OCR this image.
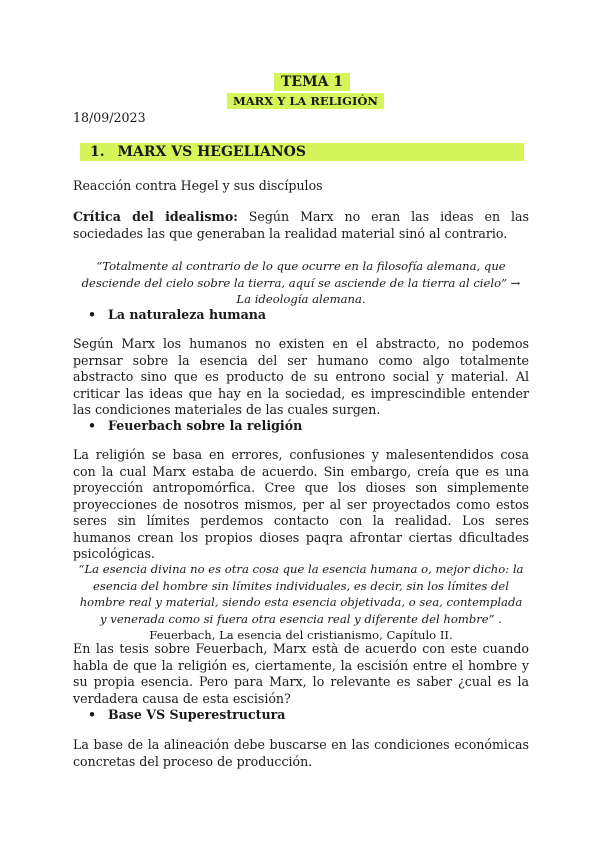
TEMA 1
MARX Y LA RELIGIÓN
18/09/2023
1. MARX VS HEGELIANOS
Reacción contra Hegel y sus discípulos
Crítica del idealismo: Según Marx no eran las ideas en las sociedades las que generaban la realidad material sinó al contrario.
“Totalmente al contrario de lo que ocurre en la filosofía alemana, que desciende del cielo sobre la tierra, aquí se asciende de la tierra al cielo” → La ideología alemana.
• La naturaleza humana
Según Marx los humanos no existen en el abstracto, no podemos pernsar sobre la esencia del ser humano como algo totalmente abstracto sino que es producto de su entrono social y material. Al criticar las ideas que hay en la sociedad, es imprescindible entender las condiciones materiales de las cuales surgen.
• Feuerbach sobre la religión
La religión se basa en errores, confusiones y malesentendidos cosa con la cual Marx estaba de acuerdo. Sin embargo, creía que es una proyección antropomórfica. Cree que los dioses son simplemente proyecciones de nosotros mismos, per al ser proyectados como estos seres sin límites perdemos contacto con la realidad. Los seres humanos crean los propios dioses paqra afrontar ciertas dficultades psicológicas.
“La esencia divina no es otra cosa que la esencia humana o, mejor dicho: la esencia del hombre sin límites individuales, es decir, sin los límites del hombre real y material, siendo esta esencia objetivada, o sea, contemplada y venerada como si fuera otra esencia real y diferente del hombre” . Feuerbach, La esencia del cristianismo, Capítulo II.
En las tesis sobre Feuerbach, Marx està de acuerdo con este cuando habla de que la religión es, ciertamente, la escisión entre el hombre y su propia esencia. Pero para Marx, lo relevante es saber ¿cual es la verdadera causa de esta escisión?
• Base VS Superestructura
La base de la alineación debe buscarse en las condiciones económicas concretas del proceso de producción.
